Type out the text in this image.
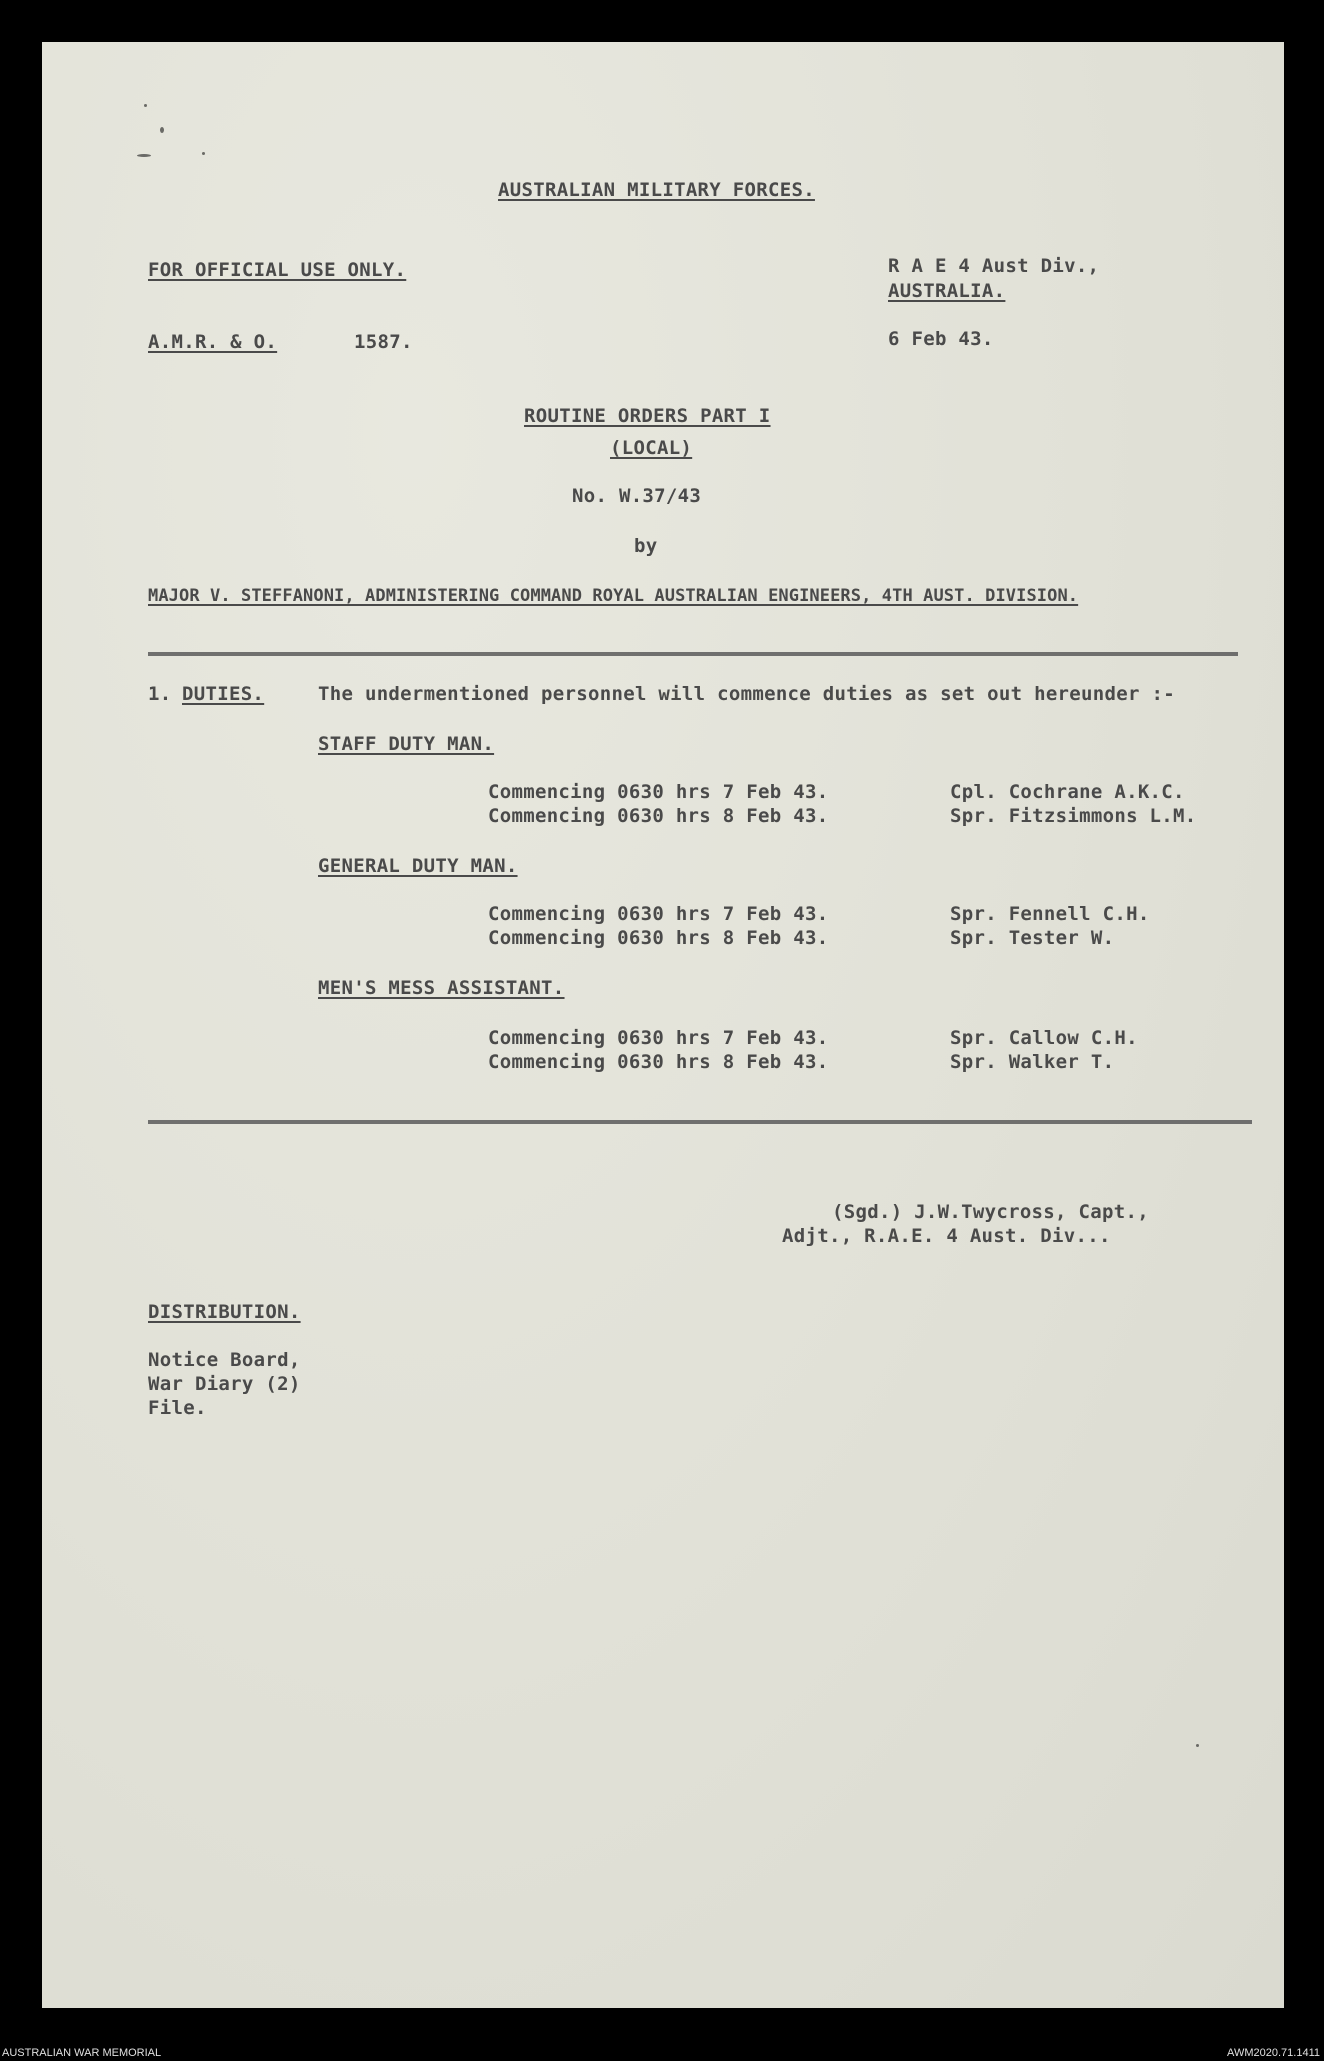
AUSTRALIAN MILITARY FORCES.
FOR OFFICIAL USE ONLY.	R A E 4 Aust Div.,
AUSTRALIA.
A.M.R. & O.	1587.	6 Feb 43.
ROUTINE ORDERS PART I
(LOCAL)
No. W.37/43
by
MAJOR V. STEFFANONI, ADMINISTERING COMMAND ROYAL AUSTRALIAN ENGINEERS, 4TH AUST. DIVISION.
1. DUTIES.	The undermentioned personnel will commence duties as set out hereunder :-
STAFF DUTY MAN.
Commencing 0630 hrs 7 Feb 43.	Cpl. Cochrane A.K.C.
Commencing 0630 hrs 8 Feb 43.	Spr. Fitzsimmons L.M.
GENERAL DUTY MAN.
Commencing 0630 hrs 7 Feb 43.	Spr. Fennell C.H.
Commencing 0630 hrs 8 Feb 43.	Spr. Tester W.
MEN'S MESS ASSISTANT.
Commencing 0630 hrs 7 Feb 43.	Spr. Callow C.H.
Commencing 0630 hrs 8 Feb 43.	Spr. Walker T.
(Sgd.) J.W.Twycross, Capt.,
Adjt., R.A.E. 4 Aust. Div...
DISTRIBUTION.
Notice Board,
War Diary (2)
File.
AUSTRALIAN WAR MEMORIAL	AWM2020.71.1411
